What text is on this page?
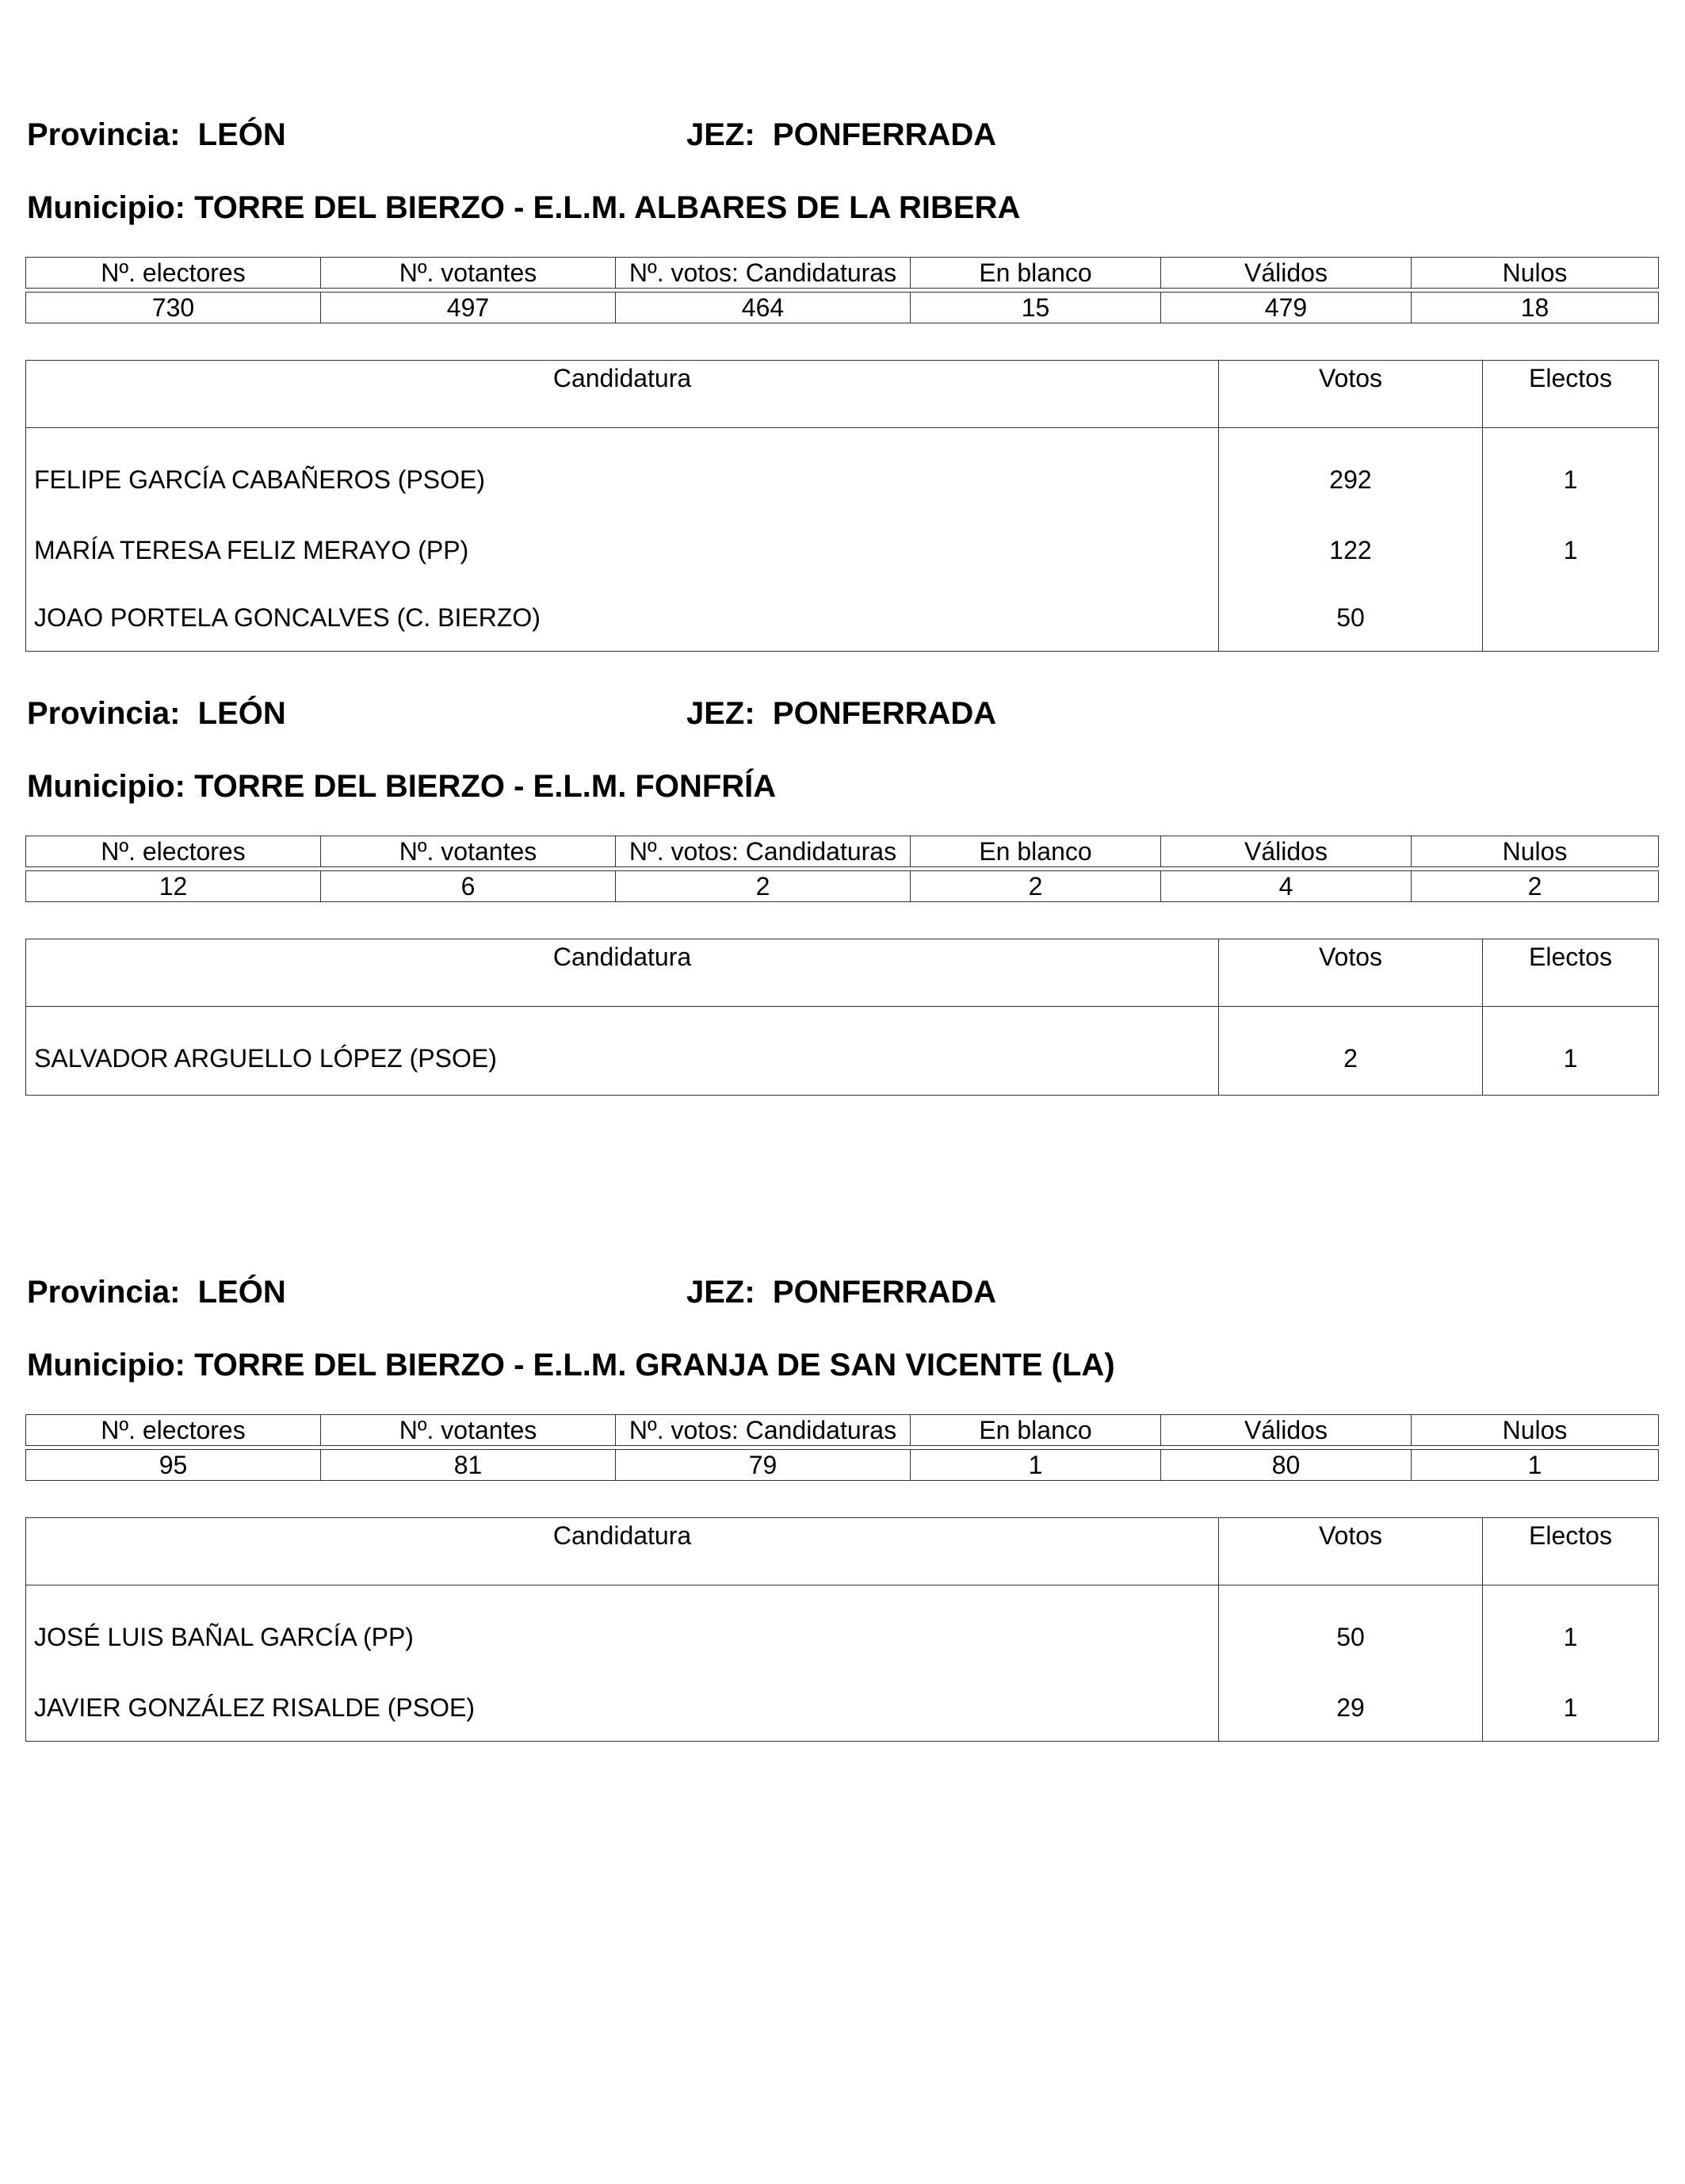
Provincia: LEÓN	JEZ: PONFERRADA
Municipio: TORRE DEL BIERZO - E.L.M. ALBARES DE LA RIBERA
Nº. electores	Nº. votantes	Nº. votos: Candidaturas	En blanco	Válidos	Nulos

730	497	464	15	479	18
Candidatura	Votos	Electos
FELIPE GARCÍA CABAÑEROS (PSOE)	292	1
MARÍA TERESA FELIZ MERAYO (PP)	122	1
JOAO PORTELA GONCALVES (C. BIERZO)	50	
Provincia: LEÓN	JEZ: PONFERRADA
Municipio: TORRE DEL BIERZO - E.L.M. FONFRÍA
Nº. electores	Nº. votantes	Nº. votos: Candidaturas	En blanco	Válidos	Nulos

12	6	2	2	4	2
Candidatura	Votos	Electos
SALVADOR ARGUELLO LÓPEZ (PSOE)	2	1
Provincia: LEÓN	JEZ: PONFERRADA
Municipio: TORRE DEL BIERZO - E.L.M. GRANJA DE SAN VICENTE (LA)
Nº. electores	Nº. votantes	Nº. votos: Candidaturas	En blanco	Válidos	Nulos

95	81	79	1	80	1
Candidatura	Votos	Electos
JOSÉ LUIS BAÑAL GARCÍA (PP)	50	1
JAVIER GONZÁLEZ RISALDE (PSOE)	29	1
